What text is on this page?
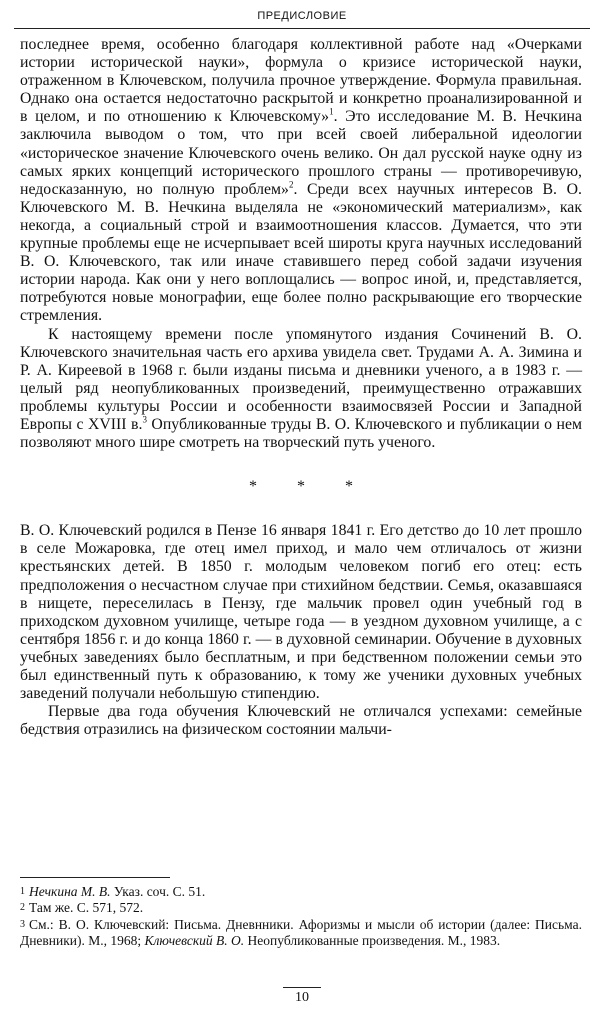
ПРЕДИСЛОВИЕ

последнее время, особенно благодаря коллективной работе над «Очерками истории исторической науки», формула о кризисе исторической науки, отраженном в Ключевском, получила прочное утверждение. Формула правильная. Однако она остается недостаточно раскрытой и конкретно проанализированной и в целом, и по отношению к Ключевскому»$^1$. Это исследование М. В. Нечкина заключила выводом о том, что при всей своей либеральной идеологии «историческое значение Ключевского очень велико. Он дал русской науке одну из самых ярких концепций исторического прошлого страны — противоречивую, недосказанную, но полную проблем»$^2$. Среди всех научных интересов В. О. Ключевского М. В. Нечкина выделяла не «экономический материализм», как некогда, а социальный строй и взаимоотношения классов. Думается, что эти крупные проблемы еще не исчерпывает всей широты круга научных исследований В. О. Ключевского, так или иначе ставившего перед собой задачи изучения истории народа. Как они у него воплощались — вопрос иной, и, представляется, потребуются новые монографии, еще более полно раскрывающие его творческие стремления.

К настоящему времени после упомянутого издания Сочинений В. О. Ключевского значительная часть его архива увидела свет. Трудами А. А. Зимина и Р. А. Киреевой в 1968 г. были изданы письма и дневники ученого, а в 1983 г. — целый ряд неопубликованных произведений, преимущественно отражавших проблемы культуры России и особенности взаимосвязей России и Западной Европы с XVIII в.$^3$ Опубликованные труды В. О. Ключевского и публикации о нем позволяют много шире смотреть на творческий путь ученого.

* * *

В. О. Ключевский родился в Пензе 16 января 1841 г. Его детство до 10 лет прошло в селе Можаровка, где отец имел приход, и мало чем отличалось от жизни крестьянских детей. В 1850 г. молодым человеком погиб его отец: есть предположения о несчастном случае при стихийном бедствии. Семья, оказавшаяся в нищете, переселилась в Пензу, где мальчик провел один учебный год в приходском духовном училище, четыре года — в уездном духовном училище, а с сентября 1856 г. и до конца 1860 г. — в духовной семинарии. Обучение в духовных учебных заведениях было бесплатным, и при бедственном положении семьи это был единственный путь к образованию, к тому же ученики духовных учебных заведений получали небольшую стипендию.

Первые два года обучения Ключевский не отличался успехами: семейные бедствия отразились на физическом состоянии мальчи-

$^1$ Нечкина М. В. Указ. соч. С. 51.

$^2$ Там же. С. 571, 572.

$^3$ См.: В. О. Ключевский: Письма. Дневнники. Афоризмы и мысли об истории (далее: Письма. Дневники). М., 1968; Ключевский В. О. Неопубликованные произведения. М., 1983.

10
